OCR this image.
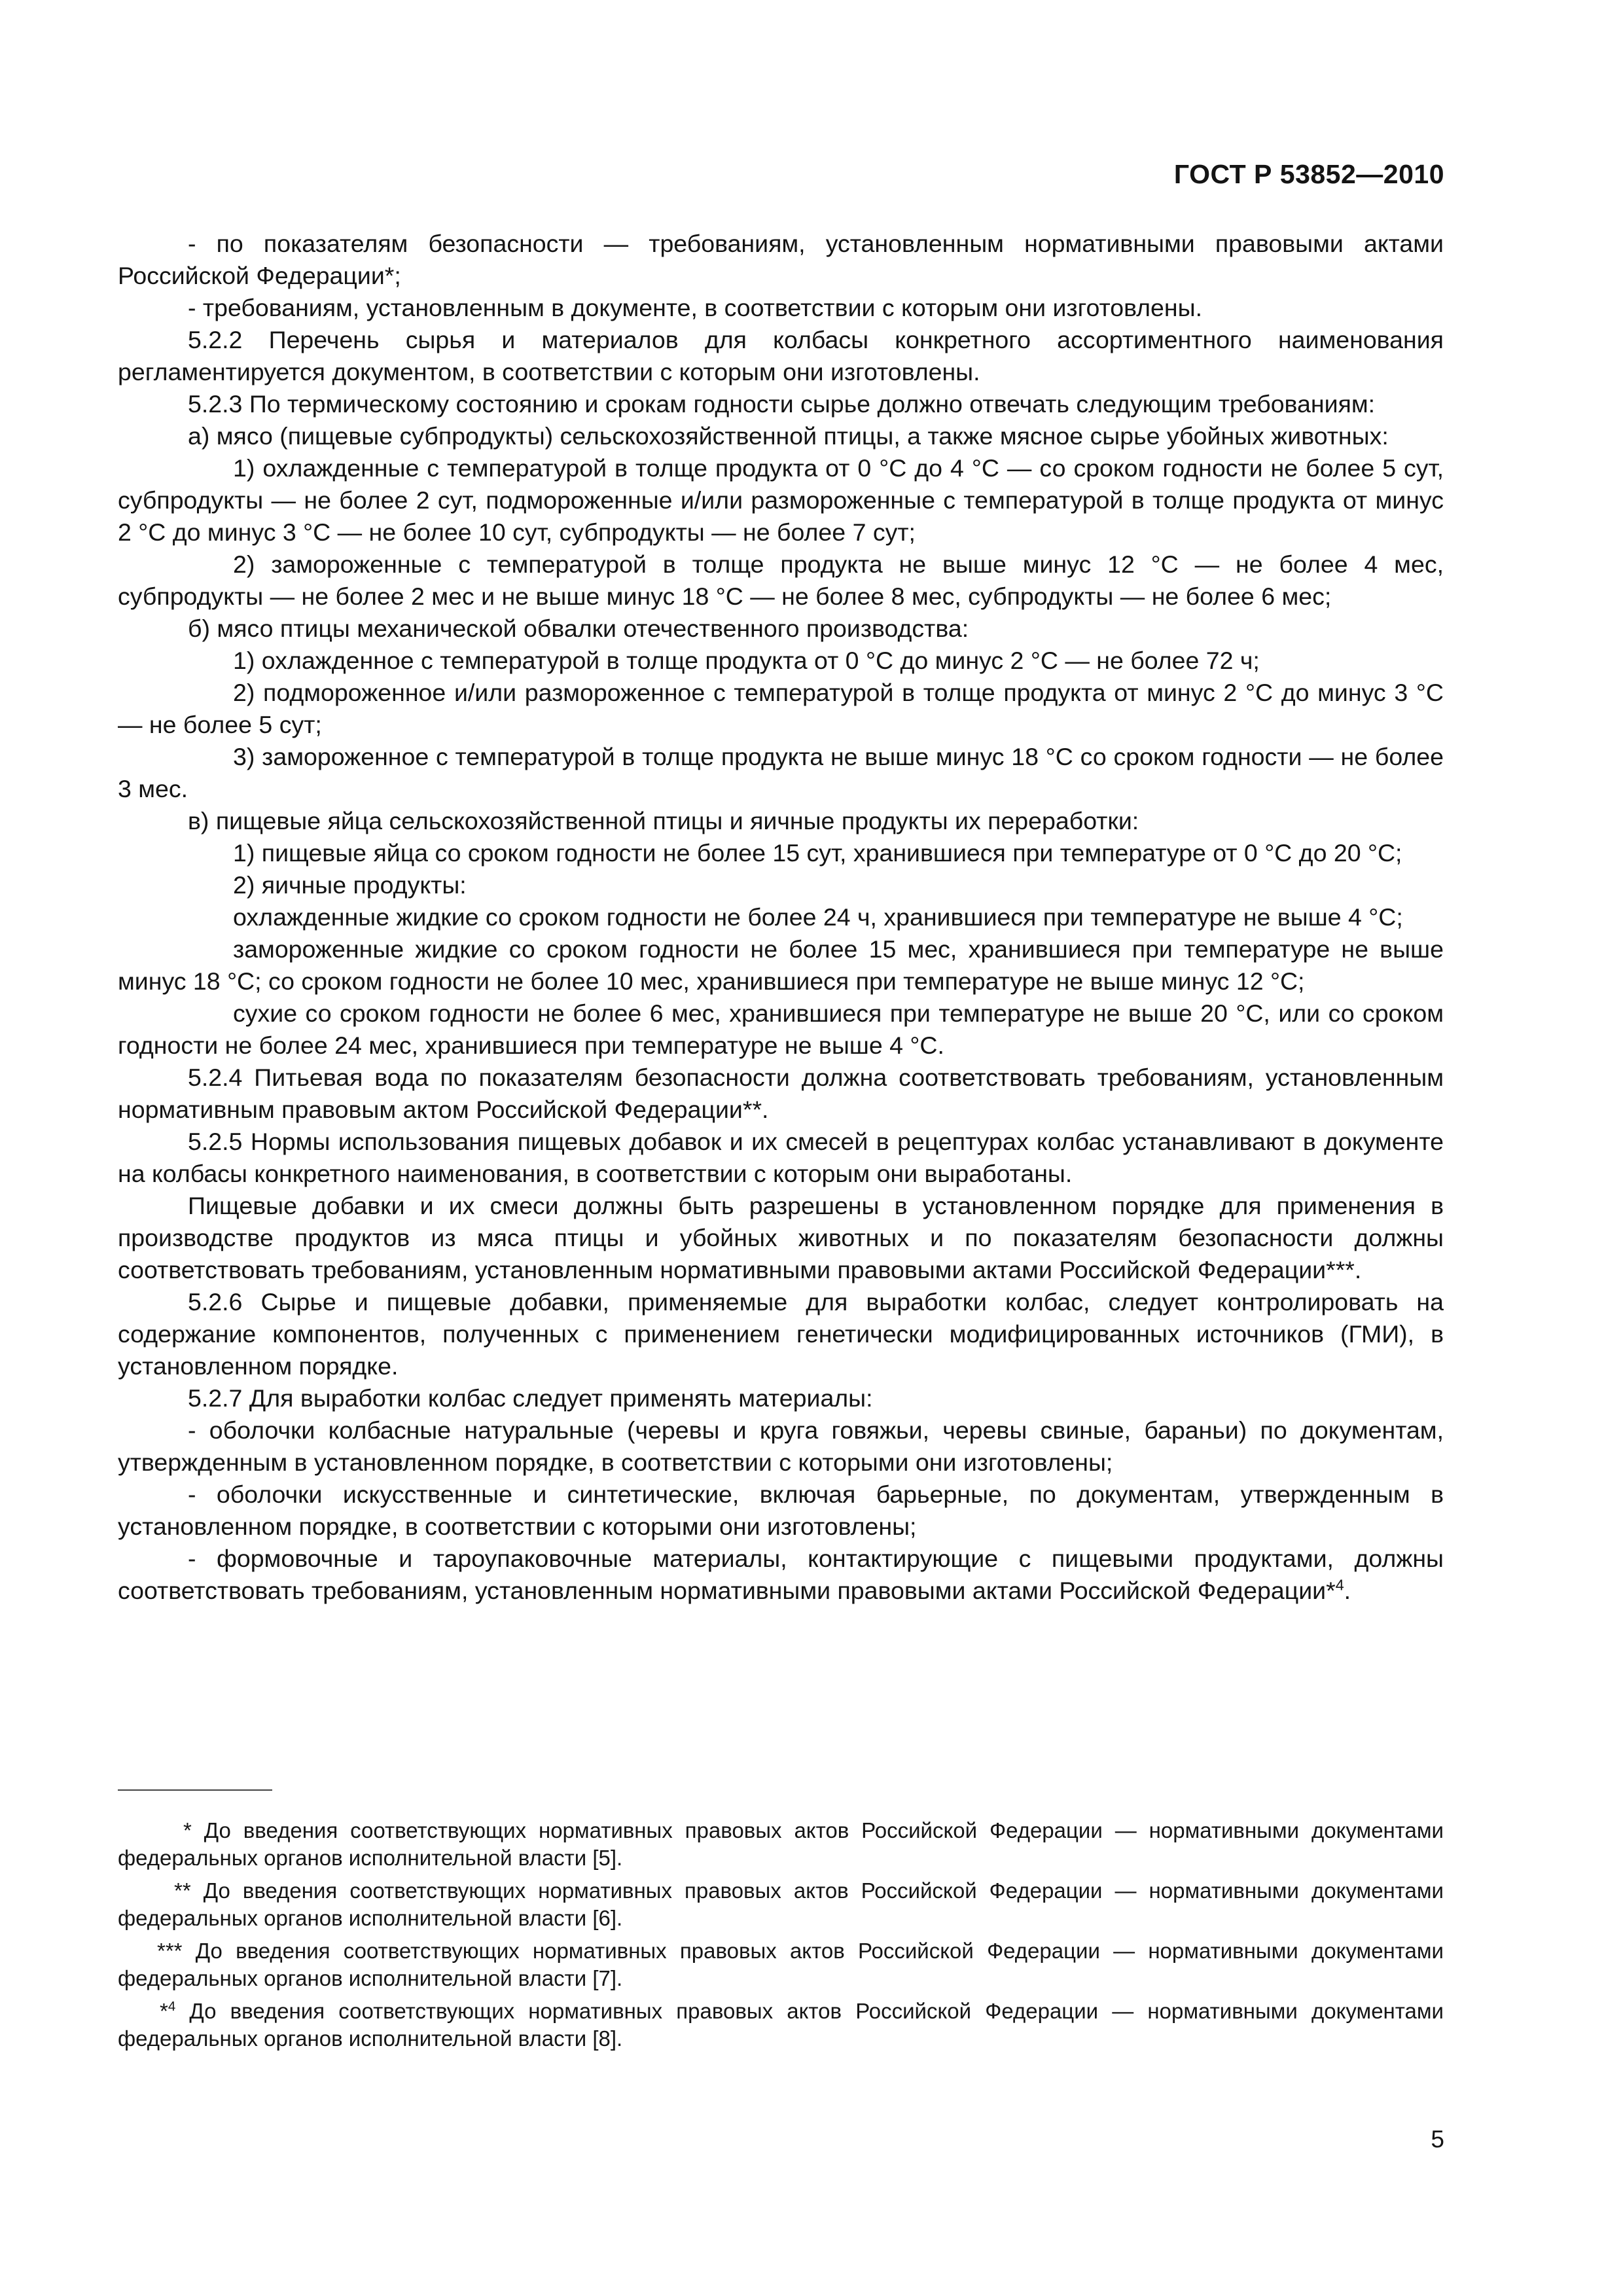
ГОСТ Р 53852—2010

- по показателям безопасности — требованиям, установленным нормативными правовыми актами Российской Федерации*;

- требованиям, установленным в документе, в соответствии с которым они изготовлены.

5.2.2 Перечень сырья и материалов для колбасы конкретного ассортиментного наименования регламентируется документом, в соответствии с которым они изготовлены.

5.2.3 По термическому состоянию и срокам годности сырье должно отвечать следующим требованиям:

а) мясо (пищевые субпродукты) сельскохозяйственной птицы, а также мясное сырье убойных животных:

1) охлажденные с температурой в толще продукта от 0 °С до 4 °С — со сроком годности не более 5 сут, субпродукты — не более 2 сут, подмороженные и/или размороженные с температурой в толще продукта от минус 2 °С до минус 3 °С — не более 10 сут, субпродукты — не более 7 сут;

2) замороженные с температурой в толще продукта не выше минус 12 °С — не более 4 мес, субпродукты — не более 2 мес и не выше минус 18 °С — не более 8 мес, субпродукты — не более 6 мес;

б) мясо птицы механической обвалки отечественного производства:

1) охлажденное с температурой в толще продукта от 0 °С до минус 2 °С — не более 72 ч;

2) подмороженное и/или размороженное с температурой в толще продукта от минус 2 °С до минус 3 °С — не более 5 сут;

3) замороженное с температурой в толще продукта не выше минус 18 °С со сроком годности — не более 3 мес.

в) пищевые яйца сельскохозяйственной птицы и яичные продукты их переработки:

1) пищевые яйца со сроком годности не более 15 сут, хранившиеся при температуре от 0 °С до 20 °С;

2) яичные продукты:

охлажденные жидкие со сроком годности не более 24 ч, хранившиеся при температуре не выше 4 °С;

замороженные жидкие со сроком годности не более 15 мес, хранившиеся при температуре не выше минус 18 °С; со сроком годности не более 10 мес, хранившиеся при температуре не выше минус 12 °С;

сухие со сроком годности не более 6 мес, хранившиеся при температуре не выше 20 °С, или со сроком годности не более 24 мес, хранившиеся при температуре не выше 4 °С.

5.2.4 Питьевая вода по показателям безопасности должна соответствовать требованиям, установленным нормативным правовым актом Российской Федерации**.

5.2.5 Нормы использования пищевых добавок и их смесей в рецептурах колбас устанавливают в документе на колбасы конкретного наименования, в соответствии с которым они выработаны.

Пищевые добавки и их смеси должны быть разрешены в установленном порядке для применения в производстве продуктов из мяса птицы и убойных животных и по показателям безопасности должны соответствовать требованиям, установленным нормативными правовыми актами Российской Федерации***.

5.2.6 Сырье и пищевые добавки, применяемые для выработки колбас, следует контролировать на содержание компонентов, полученных с применением генетически модифицированных источников (ГМИ), в установленном порядке.

5.2.7 Для выработки колбас следует применять материалы:

- оболочки колбасные натуральные (черевы и круга говяжьи, черевы свиные, бараньи) по документам, утвержденным в установленном порядке, в соответствии с которыми они изготовлены;

- оболочки искусственные и синтетические, включая барьерные, по документам, утвержденным в установленном порядке, в соответствии с которыми они изготовлены;

- формовочные и тароупаковочные материалы, контактирующие с пищевыми продуктами, должны соответствовать требованиям, установленным нормативными правовыми актами Российской Федерации*$^4$.

* До введения соответствующих нормативных правовых актов Российской Федерации — нормативными документами федеральных органов исполнительной власти [5].

** До введения соответствующих нормативных правовых актов Российской Федерации — нормативными документами федеральных органов исполнительной власти [6].

*** До введения соответствующих нормативных правовых актов Российской Федерации — нормативными документами федеральных органов исполнительной власти [7].

*$^4$ До введения соответствующих нормативных правовых актов Российской Федерации — нормативными документами федеральных органов исполнительной власти [8].

5
